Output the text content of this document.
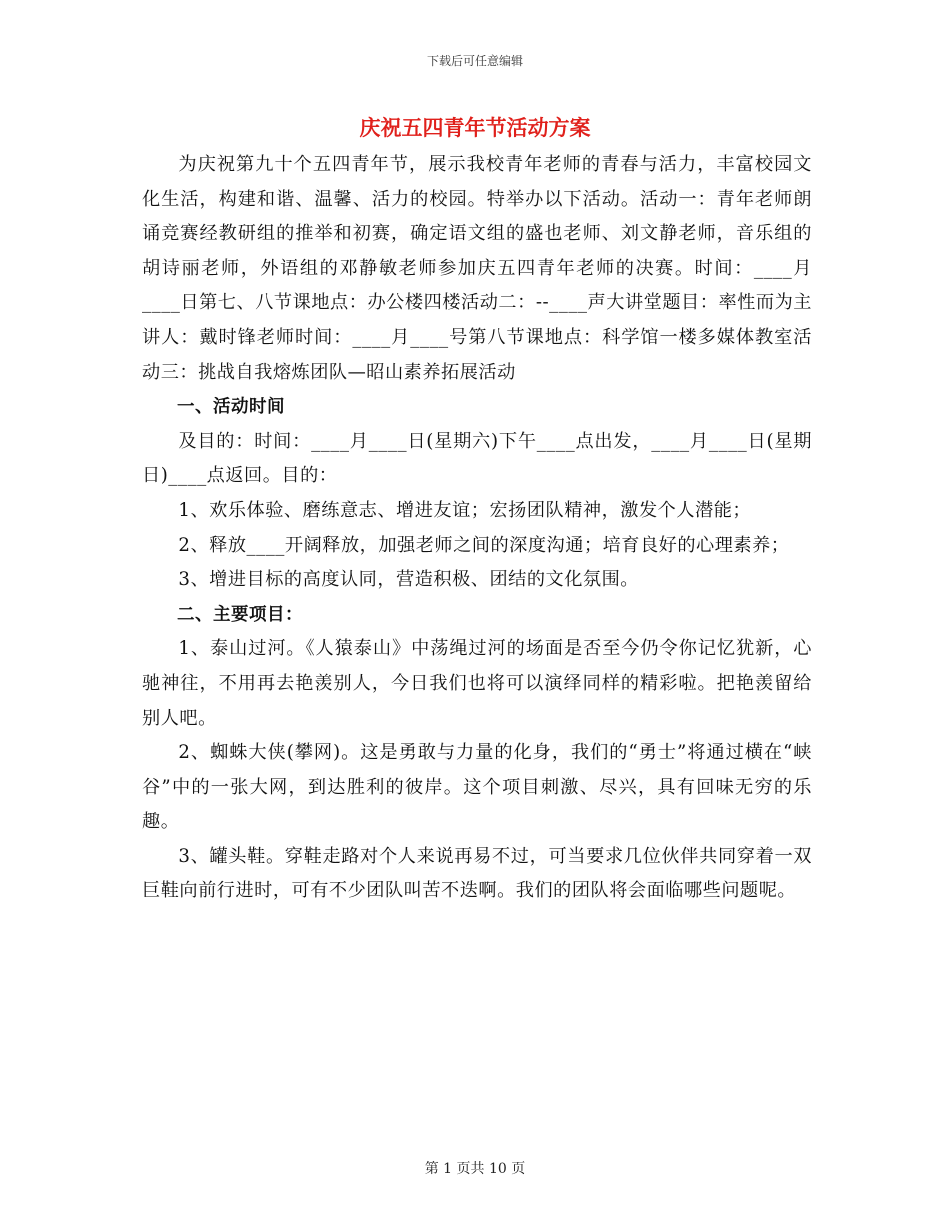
下载后可任意编辑
庆祝五四青年节活动方案

为庆祝第九十个五四青年节，展示我校青年老师的青春与活力，丰富校园文化生活，构建和谐、温馨、活力的校园。特举办以下活动。活动一：青年老师朗诵竞赛经教研组的推举和初赛，确定语文组的盛也老师、刘文静老师，音乐组的胡诗丽老师，外语组的邓静敏老师参加庆五四青年老师的决赛。时间：____月____日第七、八节课地点：办公楼四楼活动二：--____声大讲堂题目：率性而为主讲人：戴时锋老师时间：____月____号第八节课地点：科学馆一楼多媒体教室活动三：挑战自我熔炼团队—昭山素养拓展活动

一、活动时间

及目的：时间：____月____日(星期六)下午____点出发，____月____日(星期日)____点返回。目的：

1、欢乐体验、磨练意志、增进友谊；宏扬团队精神，激发个人潜能；

2、释放____开阔释放，加强老师之间的深度沟通；培育良好的心理素养；

3、增进目标的高度认同，营造积极、团结的文化氛围。

二、主要项目：

1、泰山过河。《人猿泰山》中荡绳过河的场面是否至今仍令你记忆犹新，心驰神往，不用再去艳羡别人，今日我们也将可以演绎同样的精彩啦。把艳羡留给别人吧。

2、蜘蛛大侠(攀网)。这是勇敢与力量的化身，我们的“勇士”将通过横在“峡谷”中的一张大网，到达胜利的彼岸。这个项目刺激、尽兴，具有回味无穷的乐趣。

3、罐头鞋。穿鞋走路对个人来说再易不过，可当要求几位伙伴共同穿着一双巨鞋向前行进时，可有不少团队叫苦不迭啊。我们的团队将会面临哪些问题呢。

第 1 页共 10 页
